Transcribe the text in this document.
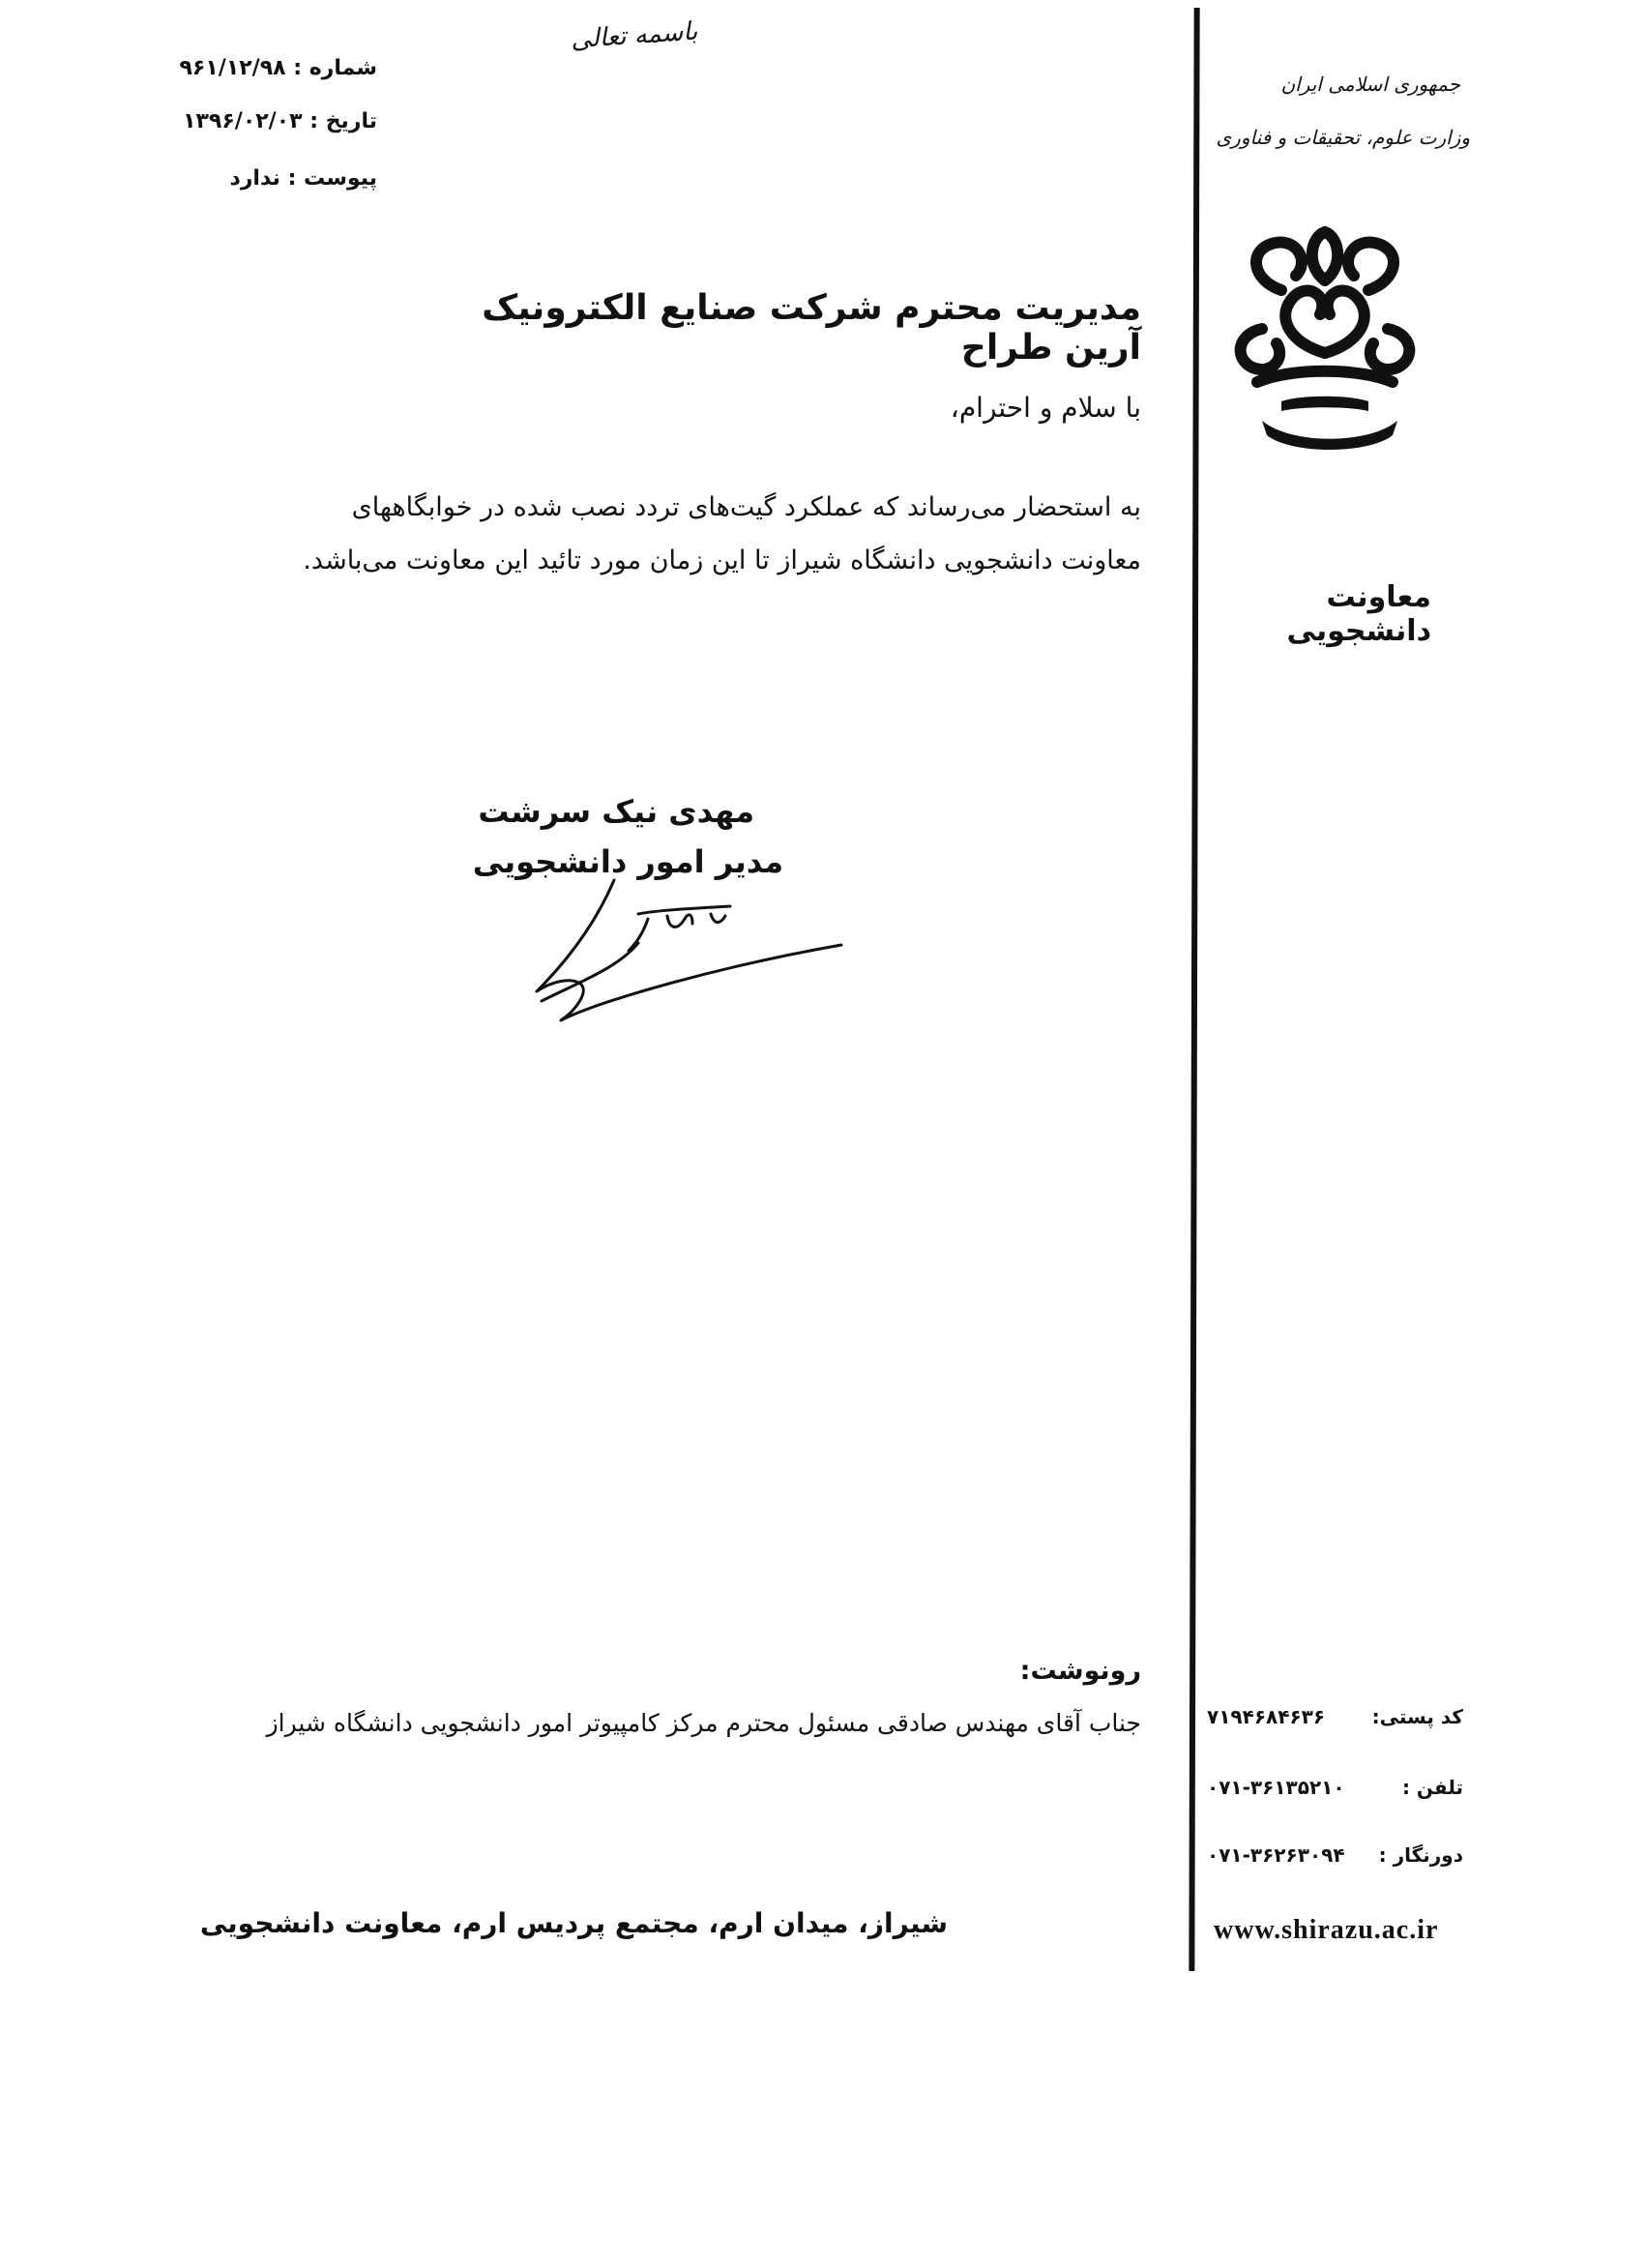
باسمه تعالی
شماره : ۹۶۱/۱۲/۹۸
تاریخ : ۱۳۹۶/۰۲/۰۳
پیوست : ندارد
جمهوری اسلامی ایران
وزارت علوم، تحقیقات و فناوری
معاونت دانشجویی
کد پستی:
۷۱۹۴۶۸۴۶۳۶
تلفن :
۰۷۱-۳۶۱۳۵۲۱۰
دورنگار :
۰۷۱-۳۶۲۶۳۰۹۴
www.shirazu.ac.ir
مدیریت محترم شرکت صنایع الکترونیک آرین طراح
با سلام و احترام،
به استحضار می‌رساند که عملکرد گیت‌های تردد نصب شده در خوابگاههای
معاونت دانشجویی دانشگاه شیراز تا این زمان مورد تائید این معاونت می‌باشد.
مهدی نیک سرشت
مدیر امور دانشجویی
رونوشت:
جناب آقای مهندس صادقی مسئول محترم مرکز کامپیوتر امور دانشجویی دانشگاه شیراز
شیراز، میدان ارم، مجتمع پردیس ارم، معاونت دانشجویی
